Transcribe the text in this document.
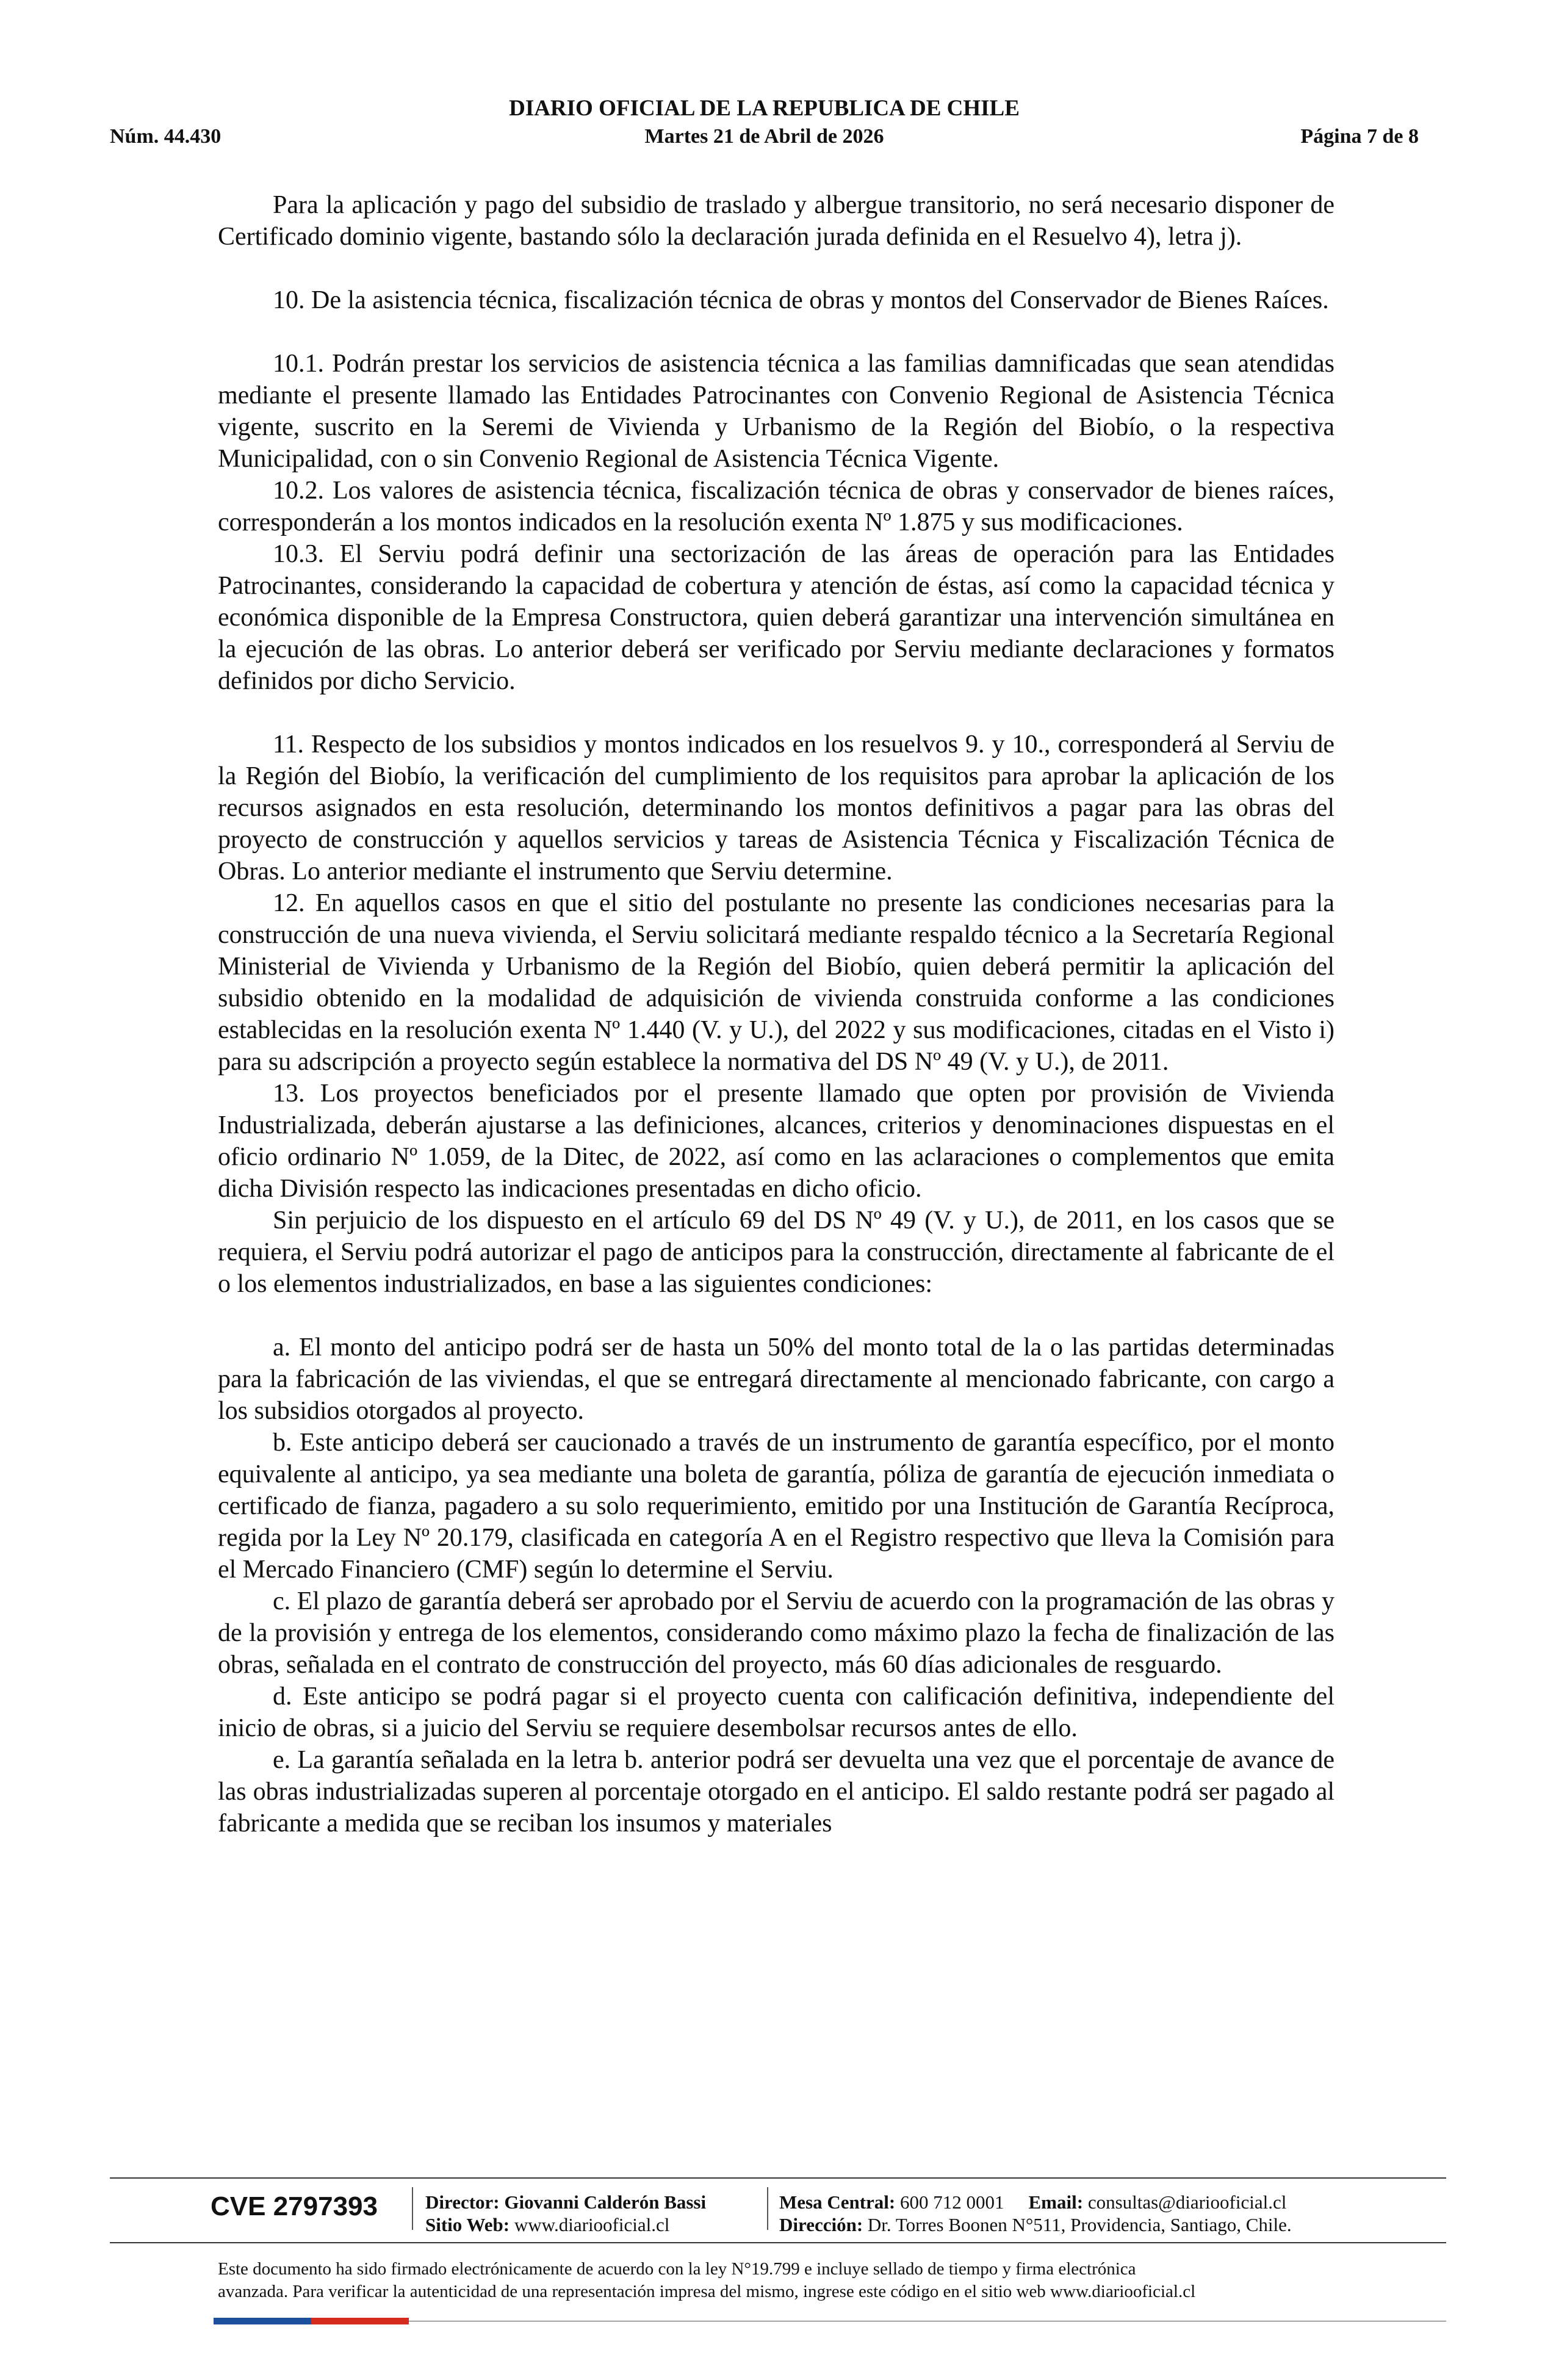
DIARIO OFICIAL DE LA REPUBLICA DE CHILE
Núm. 44.430	Martes 21 de Abril de 2026	Página 7 de 8

Para la aplicación y pago del subsidio de traslado y albergue transitorio, no será necesario disponer de Certificado dominio vigente, bastando sólo la declaración jurada definida en el Resuelvo 4), letra j).

10. De la asistencia técnica, fiscalización técnica de obras y montos del Conservador de Bienes Raíces.

10.1. Podrán prestar los servicios de asistencia técnica a las familias damnificadas que sean atendidas mediante el presente llamado las Entidades Patrocinantes con Convenio Regional de Asistencia Técnica vigente, suscrito en la Seremi de Vivienda y Urbanismo de la Región del Biobío, o la respectiva Municipalidad, con o sin Convenio Regional de Asistencia Técnica Vigente.

10.2. Los valores de asistencia técnica, fiscalización técnica de obras y conservador de bienes raíces, corresponderán a los montos indicados en la resolución exenta Nº 1.875 y sus modificaciones.

10.3. El Serviu podrá definir una sectorización de las áreas de operación para las Entidades Patrocinantes, considerando la capacidad de cobertura y atención de éstas, así como la capacidad técnica y económica disponible de la Empresa Constructora, quien deberá garantizar una intervención simultánea en la ejecución de las obras. Lo anterior deberá ser verificado por Serviu mediante declaraciones y formatos definidos por dicho Servicio.

11. Respecto de los subsidios y montos indicados en los resuelvos 9. y 10., corresponderá al Serviu de la Región del Biobío, la verificación del cumplimiento de los requisitos para aprobar la aplicación de los recursos asignados en esta resolución, determinando los montos definitivos a pagar para las obras del proyecto de construcción y aquellos servicios y tareas de Asistencia Técnica y Fiscalización Técnica de Obras. Lo anterior mediante el instrumento que Serviu determine.

12. En aquellos casos en que el sitio del postulante no presente las condiciones necesarias para la construcción de una nueva vivienda, el Serviu solicitará mediante respaldo técnico a la Secretaría Regional Ministerial de Vivienda y Urbanismo de la Región del Biobío, quien deberá permitir la aplicación del subsidio obtenido en la modalidad de adquisición de vivienda construida conforme a las condiciones establecidas en la resolución exenta Nº 1.440 (V. y U.), del 2022 y sus modificaciones, citadas en el Visto i) para su adscripción a proyecto según establece la normativa del DS Nº 49 (V. y U.), de 2011.

13. Los proyectos beneficiados por el presente llamado que opten por provisión de Vivienda Industrializada, deberán ajustarse a las definiciones, alcances, criterios y denominaciones dispuestas en el oficio ordinario Nº 1.059, de la Ditec, de 2022, así como en las aclaraciones o complementos que emita dicha División respecto las indicaciones presentadas en dicho oficio.

Sin perjuicio de los dispuesto en el artículo 69 del DS Nº 49 (V. y U.), de 2011, en los casos que se requiera, el Serviu podrá autorizar el pago de anticipos para la construcción, directamente al fabricante de el o los elementos industrializados, en base a las siguientes condiciones:

a. El monto del anticipo podrá ser de hasta un 50% del monto total de la o las partidas determinadas para la fabricación de las viviendas, el que se entregará directamente al mencionado fabricante, con cargo a los subsidios otorgados al proyecto.

b. Este anticipo deberá ser caucionado a través de un instrumento de garantía específico, por el monto equivalente al anticipo, ya sea mediante una boleta de garantía, póliza de garantía de ejecución inmediata o certificado de fianza, pagadero a su solo requerimiento, emitido por una Institución de Garantía Recíproca, regida por la Ley Nº 20.179, clasificada en categoría A en el Registro respectivo que lleva la Comisión para el Mercado Financiero (CMF) según lo determine el Serviu.

c. El plazo de garantía deberá ser aprobado por el Serviu de acuerdo con la programación de las obras y de la provisión y entrega de los elementos, considerando como máximo plazo la fecha de finalización de las obras, señalada en el contrato de construcción del proyecto, más 60 días adicionales de resguardo.

d. Este anticipo se podrá pagar si el proyecto cuenta con calificación definitiva, independiente del inicio de obras, si a juicio del Serviu se requiere desembolsar recursos antes de ello.

e. La garantía señalada en la letra b. anterior podrá ser devuelta una vez que el porcentaje de avance de las obras industrializadas superen al porcentaje otorgado en el anticipo. El saldo restante podrá ser pagado al fabricante a medida que se reciban los insumos y materiales

CVE 2797393	Director: Giovanni Calderón Bassi
Sitio Web: www.diariooficial.cl
Mesa Central: 600 712 0001 Email: consultas@diariooficial.cl
Dirección: Dr. Torres Boonen N°511, Providencia, Santiago, Chile.

Este documento ha sido firmado electrónicamente de acuerdo con la ley N°19.799 e incluye sellado de tiempo y firma electrónica

avanzada. Para verificar la autenticidad de una representación impresa del mismo, ingrese este código en el sitio web www.diariooficial.cl
